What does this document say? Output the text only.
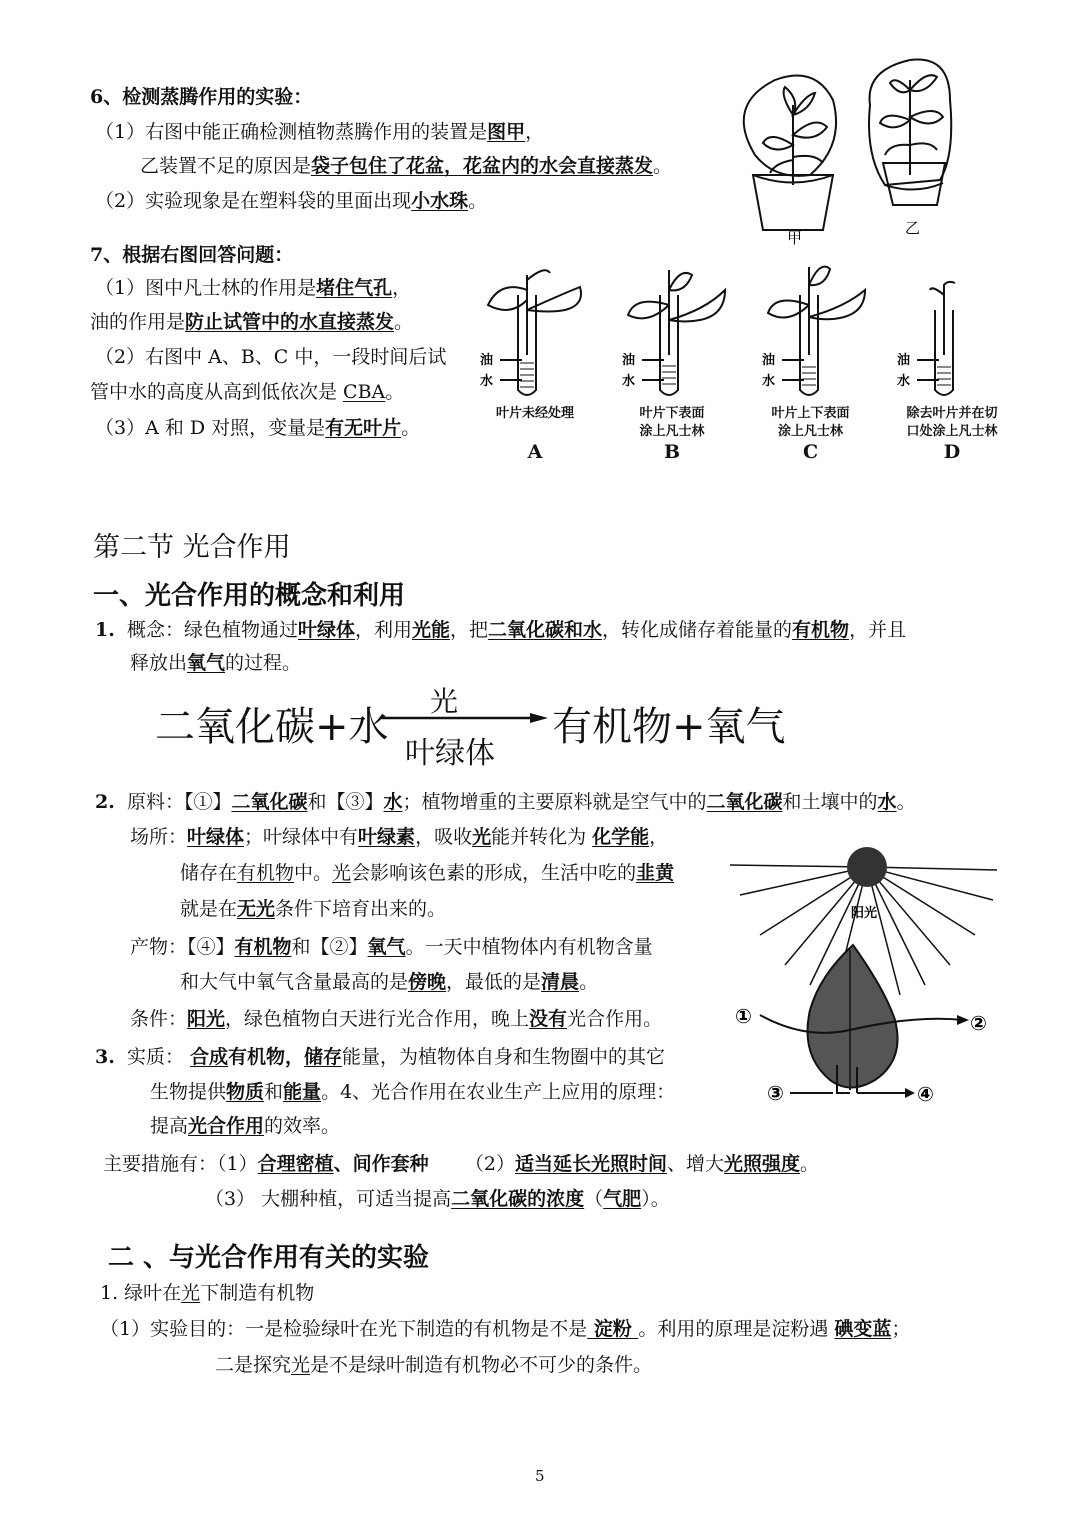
6、检测蒸腾作用的实验：
（1）右图中能正确检测植物蒸腾作用的装置是图甲，
乙装置不足的原因是袋子包住了花盆，花盆内的水会直接蒸发。
（2）实验现象是在塑料袋的里面出现小水珠。
甲
乙
7、根据右图回答问题：
（1）图中凡士林的作用是堵住气孔，
油的作用是防止试管中的水直接蒸发。
（2）右图中 A、B、C 中，一段时间后试
管中水的高度从高到低依次是 CBA。
（3）A 和 D 对照，变量是有无叶片。
油
水
油
水
油
水
油
水
叶片未经处理
A
叶片下表面
涂上凡士林
B
叶片上下表面
涂上凡士林
C
除去叶片并在切
口处涂上凡士林
D
第二节 光合作用
一、光合作用的概念和利用
1. 概念：绿色植物通过叶绿体，利用光能，把二氧化碳和水，转化成储存着能量的有机物，并且
释放出氧气的过程。
二氧化碳+水
光
叶绿体
有机物+氧气
2. 原料：【①】二氧化碳和【③】水；植物增重的主要原料就是空气中的二氧化碳和土壤中的水。
场所：叶绿体；叶绿体中有叶绿素，吸收光能并转化为 化学能，
储存在有机物中。光会影响该色素的形成，生活中吃的韭黄
就是在无光条件下培育出来的。
产物：【④】有机物和【②】氧气。一天中植物体内有机物含量
和大气中氧气含量最高的是傍晚，最低的是清晨。
条件：阳光，绿色植物白天进行光合作用，晚上没有光合作用。
3. 实质： 合成有机物，储存能量，为植物体自身和生物圈中的其它
生物提供物质和能量。4、光合作用在农业生产上应用的原理：
提高光合作用的效率。
主要措施有：（1）合理密植、间作套种 （2）适当延长光照时间、增大光照强度。
（3） 大棚种植，可适当提高二氧化碳的浓度（气肥）。
阳光
①	②
③	④
二 、与光合作用有关的实验
1. 绿叶在光下制造有机物
（1）实验目的：一是检验绿叶在光下制造的有机物是不是 淀粉 。利用的原理是淀粉遇 碘变蓝；
二是探究光是不是绿叶制造有机物必不可少的条件。
5
